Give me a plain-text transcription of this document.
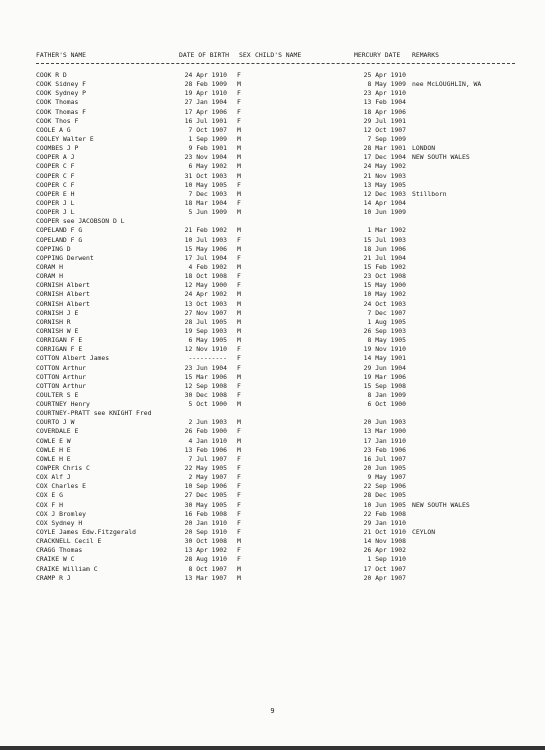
FATHER'S NAME	DATE OF BIRTH SEX CHILD'S NAME	MERCURY DATE REMARKS
COOK R D	24 Apr 1910 F	25 Apr 1910
COOK Sidney F	28 Feb 1909 M	8 May 1909 nee McLOUGHLIN, WA
COOK Sydney P	19 Apr 1910 F	23 Apr 1910
COOK Thomas	27 Jan 1904 F	13 Feb 1904
COOK Thomas F	17 Apr 1906 F	18 Apr 1906
COOK Thos F	16 Jul 1901 F	29 Jul 1901
COOLE A G	7 Oct 1907 M	12 Oct 1907
COOLEY Walter E	1 Sep 1909 M	7 Sep 1909
COOMBES J P	9 Feb 1901 M	28 Mar 1901 LONDON
COOPER A J	23 Nov 1904 M	17 Dec 1904 NEW SOUTH WALES
COOPER C F	6 May 1902 M	24 May 1902
COOPER C F	31 Oct 1903 M	21 Nov 1903
COOPER C F	10 May 1905 F	13 May 1905
COOPER E H	7 Dec 1903 M	12 Dec 1903 Stillborn
COOPER J L	18 Mar 1904 F	14 Apr 1904
COOPER J L	5 Jun 1909 M	10 Jun 1909
COOPER see JACOBSON D L
COPELAND F G	21 Feb 1902 M	1 Mar 1902
COPELAND F G	10 Jul 1903 F	15 Jul 1903
COPPING D	15 May 1906 M	18 Jun 1906
COPPING Derwent	17 Jul 1904 F	21 Jul 1904
CORAM H	4 Feb 1902 M	15 Feb 1902
CORAM H	18 Oct 1908 F	23 Oct 1908
CORNISH Albert	12 May 1900 F	15 May 1900
CORNISH Albert	24 Apr 1902 M	10 May 1902
CORNISH Albert	13 Oct 1903 M	24 Oct 1903
CORNISH J E	27 Nov 1907 M	7 Dec 1907
CORNISH R	28 Jul 1905 M	1 Aug 1905
CORNISH W E	19 Sep 1903 M	26 Sep 1903
CORRIGAN F E	6 May 1905 M	8 May 1905
CORRIGAN F E	12 Nov 1910 F	19 Nov 1910
COTTON Albert James	---------- F	14 May 1901
COTTON Arthur	23 Jun 1904 F	29 Jun 1904
COTTON Arthur	15 Mar 1906 M	19 Mar 1906
COTTON Arthur	12 Sep 1908 F	15 Sep 1908
COULTER S E	30 Dec 1908 F	8 Jan 1909
COURTNEY Henry	5 Oct 1900 M	6 Oct 1900
COURTNEY-PRATT see KNIGHT Fred
COURTO J W	2 Jun 1903 M	20 Jun 1903
COVERDALE E	26 Feb 1900 F	13 Mar 1900
COWLE E W	4 Jan 1910 M	17 Jan 1910
COWLE H E	13 Feb 1906 M	23 Feb 1906
COWLE H E	7 Jul 1907 F	16 Jul 1907
COWPER Chris C	22 May 1905 F	20 Jun 1905
COX Alf J	2 May 1907 F	9 May 1907
COX Charles E	10 Sep 1906 F	22 Sep 1906
COX E G	27 Dec 1905 F	28 Dec 1905
COX F H	30 May 1905 F	10 Jun 1905 NEW SOUTH WALES
COX J Bromley	16 Feb 1908 F	22 Feb 1908
COX Sydney H	20 Jan 1910 F	29 Jan 1910
COYLE James Edw.Fitzgerald	20 Sep 1910 F	21 Oct 1910 CEYLON
CRACKNELL Cecil E	30 Oct 1908 M	14 Nov 1908
CRAGG Thomas	13 Apr 1902 F	26 Apr 1902
CRAIKE W C	28 Aug 1910 F	1 Sep 1910
CRAIKE William C	8 Oct 1907 M	17 Oct 1907
CRAMP R J	13 Mar 1907 M	20 Apr 1907
9
